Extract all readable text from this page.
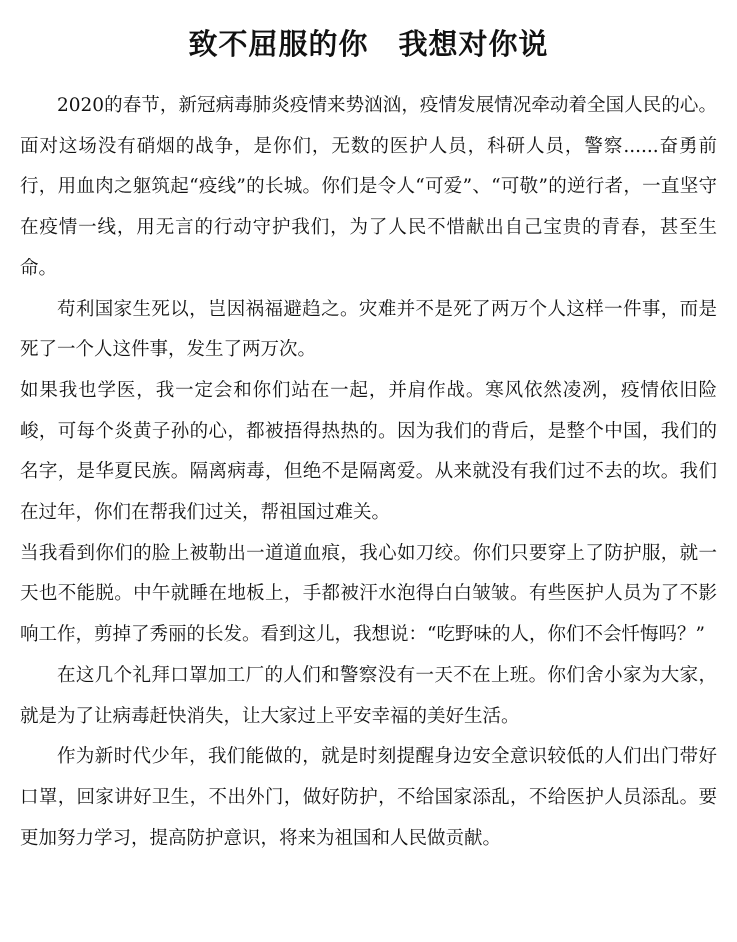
致不屈服的你　我想对你说

2020的春节，新冠病毒肺炎疫情来势汹汹，疫情发展情况牵动着全国人民的心。面对这场没有硝烟的战争，是你们，无数的医护人员，科研人员，警察......奋勇前行，用血肉之躯筑起“疫线”的长城。你们是令人“可爱”、“可敬”的逆行者，一直坚守在疫情一线，用无言的行动守护我们，为了人民不惜献出自己宝贵的青春，甚至生命。

苟利国家生死以，岂因祸福避趋之。灾难并不是死了两万个人这样一件事，而是死了一个人这件事，发生了两万次。

如果我也学医，我一定会和你们站在一起，并肩作战。寒风依然凌冽，疫情依旧险峻，可每个炎黄子孙的心，都被捂得热热的。因为我们的背后，是整个中国，我们的名字，是华夏民族。隔离病毒，但绝不是隔离爱。从来就没有我们过不去的坎。我们在过年，你们在帮我们过关，帮祖国过难关。

当我看到你们的脸上被勒出一道道血痕，我心如刀绞。你们只要穿上了防护服，就一天也不能脱。中午就睡在地板上，手都被汗水泡得白白皱皱。有些医护人员为了不影响工作，剪掉了秀丽的长发。看到这儿，我想说：“吃野味的人，你们不会忏悔吗？”

在这几个礼拜口罩加工厂的人们和警察没有一天不在上班。你们舍小家为大家，就是为了让病毒赶快消失，让大家过上平安幸福的美好生活。

作为新时代少年，我们能做的，就是时刻提醒身边安全意识较低的人们出门带好口罩，回家讲好卫生，不出外门，做好防护，不给国家添乱，不给医护人员添乱。要更加努力学习，提高防护意识，将来为祖国和人民做贡献。
